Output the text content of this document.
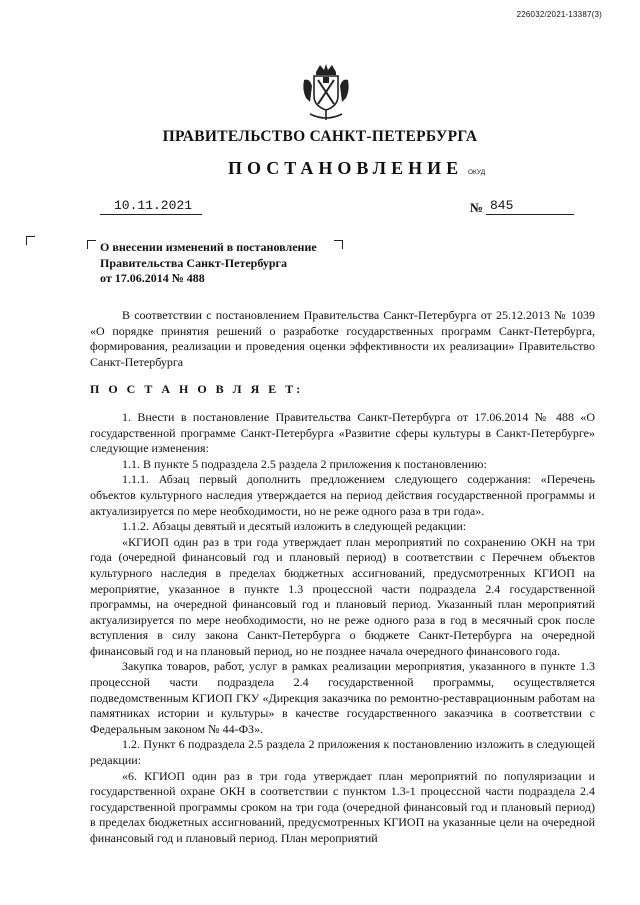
226032/2021-13387(3)
ПРАВИТЕЛЬСТВО САНКТ-ПЕТЕРБУРГА
ПОСТАНОВЛЕНИЕ ОКУД
10.11.2021	№ 845
О внесении изменений в постановление
Правительства Санкт-Петербурга
от 17.06.2014 № 488

В соответствии с постановлением Правительства Санкт-Петербурга от 25.12.2013 № 1039 «О порядке принятия решений о разработке государственных программ Санкт-Петербурга, формирования, реализации и проведения оценки эффективности их реализации» Правительство Санкт-Петербурга

П О С Т А Н О В Л Я Е Т:

1. Внести в постановление Правительства Санкт-Петербурга от 17.06.2014 № 488 «О государственной программе Санкт-Петербурга «Развитие сферы культуры в Санкт-Петербурге» следующие изменения:

1.1. В пункте 5 подраздела 2.5 раздела 2 приложения к постановлению:

1.1.1. Абзац первый дополнить предложением следующего содержания: «Перечень объектов культурного наследия утверждается на период действия государственной программы и актуализируется по мере необходимости, но не реже одного раза в три года».

1.1.2. Абзацы девятый и десятый изложить в следующей редакции:

«КГИОП один раз в три года утверждает план мероприятий по сохранению ОКН на три года (очередной финансовый год и плановый период) в соответствии с Перечнем объектов культурного наследия в пределах бюджетных ассигнований, предусмотренных КГИОП на мероприятие, указанное в пункте 1.3 процессной части подраздела 2.4 государственной программы, на очередной финансовый год и плановый период. Указанный план мероприятий актуализируется по мере необходимости, но не реже одного раза в год в месячный срок после вступления в силу закона Санкт-Петербурга о бюджете Санкт-Петербурга на очередной финансовый год и на плановый период, но не позднее начала очередного финансового года.

Закупка товаров, работ, услуг в рамках реализации мероприятия, указанного в пункте 1.3 процессной части подраздела 2.4 государственной программы, осуществляется подведомственным КГИОП ГКУ «Дирекция заказчика по ремонтно-реставрационным работам на памятниках истории и культуры» в качестве государственного заказчика в соответствии с Федеральным законом № 44-ФЗ».

1.2. Пункт 6 подраздела 2.5 раздела 2 приложения к постановлению изложить в следующей редакции:

«6. КГИОП один раз в три года утверждает план мероприятий по популяризации и государственной охране ОКН в соответствии с пунктом 1.3-1 процессной части подраздела 2.4 государственной программы сроком на три года (очередной финансовый год и плановый период) в пределах бюджетных ассигнований, предусмотренных КГИОП на указанные цели на очередной финансовый год и плановый период. План мероприятий
